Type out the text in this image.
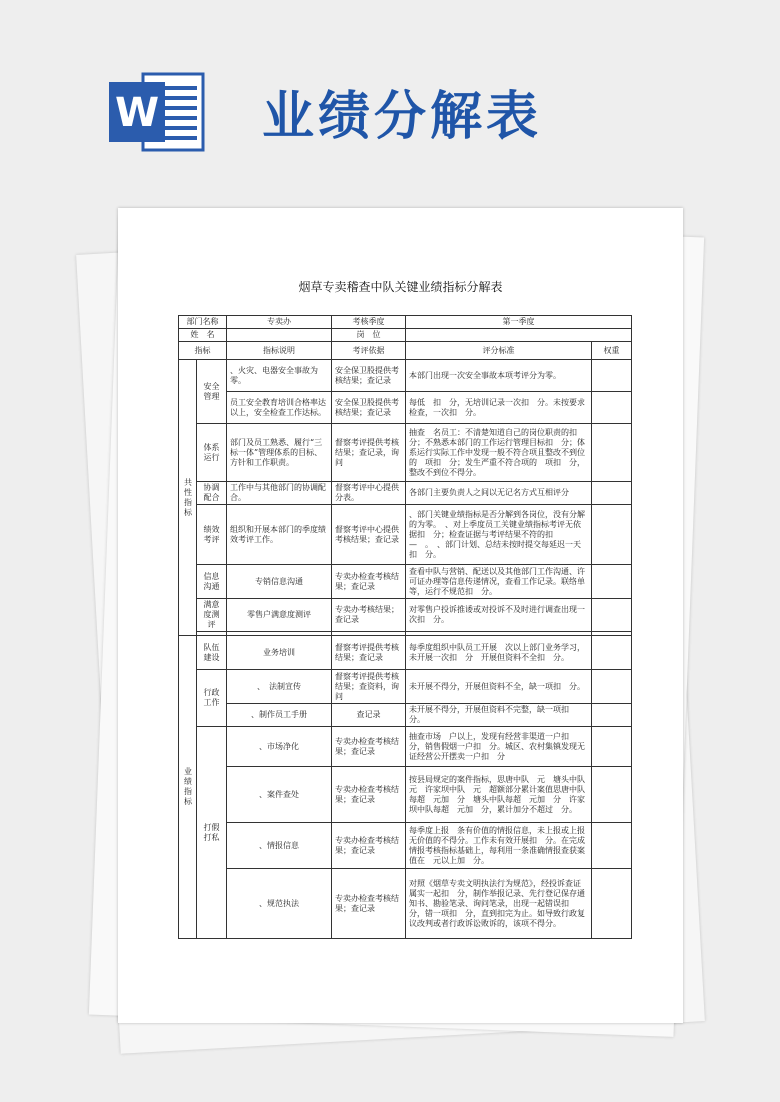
W 业绩分解表
烟草专卖稽查中队关键业绩指标分解表
部门名称		专卖办	考核季度	第一季度	
姓　名			岗　位		
指标		指标说明	考评依据	评分标准	权重

共性指标	安全管理	、火灾、电器安全事故为零。	安全保卫股提供考核结果；查记录	本部门出现一次安全事故本项考评分为零。	
		员工安全教育培训合格率达　以上，安全检查工作达标。	安全保卫股提供考核结果；查记录	每低　扣　分，无培训记录一次扣　分。未按要求检查，一次扣　分。	
	体系运行	部门及员工熟悉、履行“三标一体”管理体系的目标、方针和工作职责。	督察考评提供考核结果；查记录，询问	抽查　名员工：不清楚知道自己的岗位职责的扣　分；不熟悉本部门的工作运行管理目标扣　分；体系运行实际工作中发现一般不符合项且整改不到位的　项扣　分；发生严重不符合项的　项扣　分，整改不到位不得分。	
	协调配合	工作中与其他部门的协调配合。	督察考评中心提供分表。	各部门主要负责人之间以无记名方式互相评分	
	绩效考评	组织和开展本部门的季度绩效考评工作。	督察考评中心提供考核结果；查记录	、部门关键业绩指标是否分解到各岗位，没有分解的为零。　、对上季度员工关键业绩指标考评无依据扣　分；检查证据与考评结果不符的扣　—　。　、部门计划、总结未按时提交每延迟一天扣　分。	
	信息沟通	专销信息沟通	专卖办检查考核结果；查记录	查看中队与营销、配送以及其他部门工作沟通、许可证办理等信息传递情况，查看工作记录。联络单等，运行不规范扣　分。	
	满意度测评	零售户满意度测评	专卖办考核结果；查记录	对零售户投诉推诿或对投诉不及时进行调查出现一次扣　分。	

业绩指标	队伍建设	业务培训	督察考评提供考核结果；查记录	每季度组织中队员工开展　次以上部门业务学习，未开展一次扣　分　开展但资料不全扣　分。	
	行政工作	、　法制宣传	督察考评提供考核结果；查资料，询问	未开展不得分，开展但资料不全，缺一项扣　分。	
		、制作员工手册	查记录	未开展不得分，开展但资料不完整，缺一项扣　分。	
	打假打私	、市场净化	专卖办检查考核结果；查记录	抽查市场　户以上，发现有经营非渠道一户扣　分，销售假烟一户扣　分。城区、农村集镇发现无证经营公开摆卖一户扣　分	
		、案件查处	专卖办检查考核结果；查记录	按县局规定的案件指标，思唐中队　元　塘头中队　元　许家坝中队　元　超额部分累计案值思唐中队每超　元加　分　塘头中队每超　元加　分　许家坝中队每超　元加　分，累计加分不超过　分。	
		、情报信息	专卖办检查考核结果；查记录	每季度上报　条有价值的情报信息，未上报或上报无价值的不得分。工作未有效开展扣　分。在完成情报考核指标基础上，每利用一条准确情报查获案值在　元以上加　分。	
		、规范执法	专卖办检查考核结果；查记录	对照《烟草专卖文明执法行为规范》，经投诉查证属实一起扣　分，制作举报记录、先行登记保存通知书、勘验笔录、询问笔录，出现一起错误扣　分，错一项扣　分，直到扣完为止。如导致行政复议改判或者行政诉讼败诉的，该项不得分。	
